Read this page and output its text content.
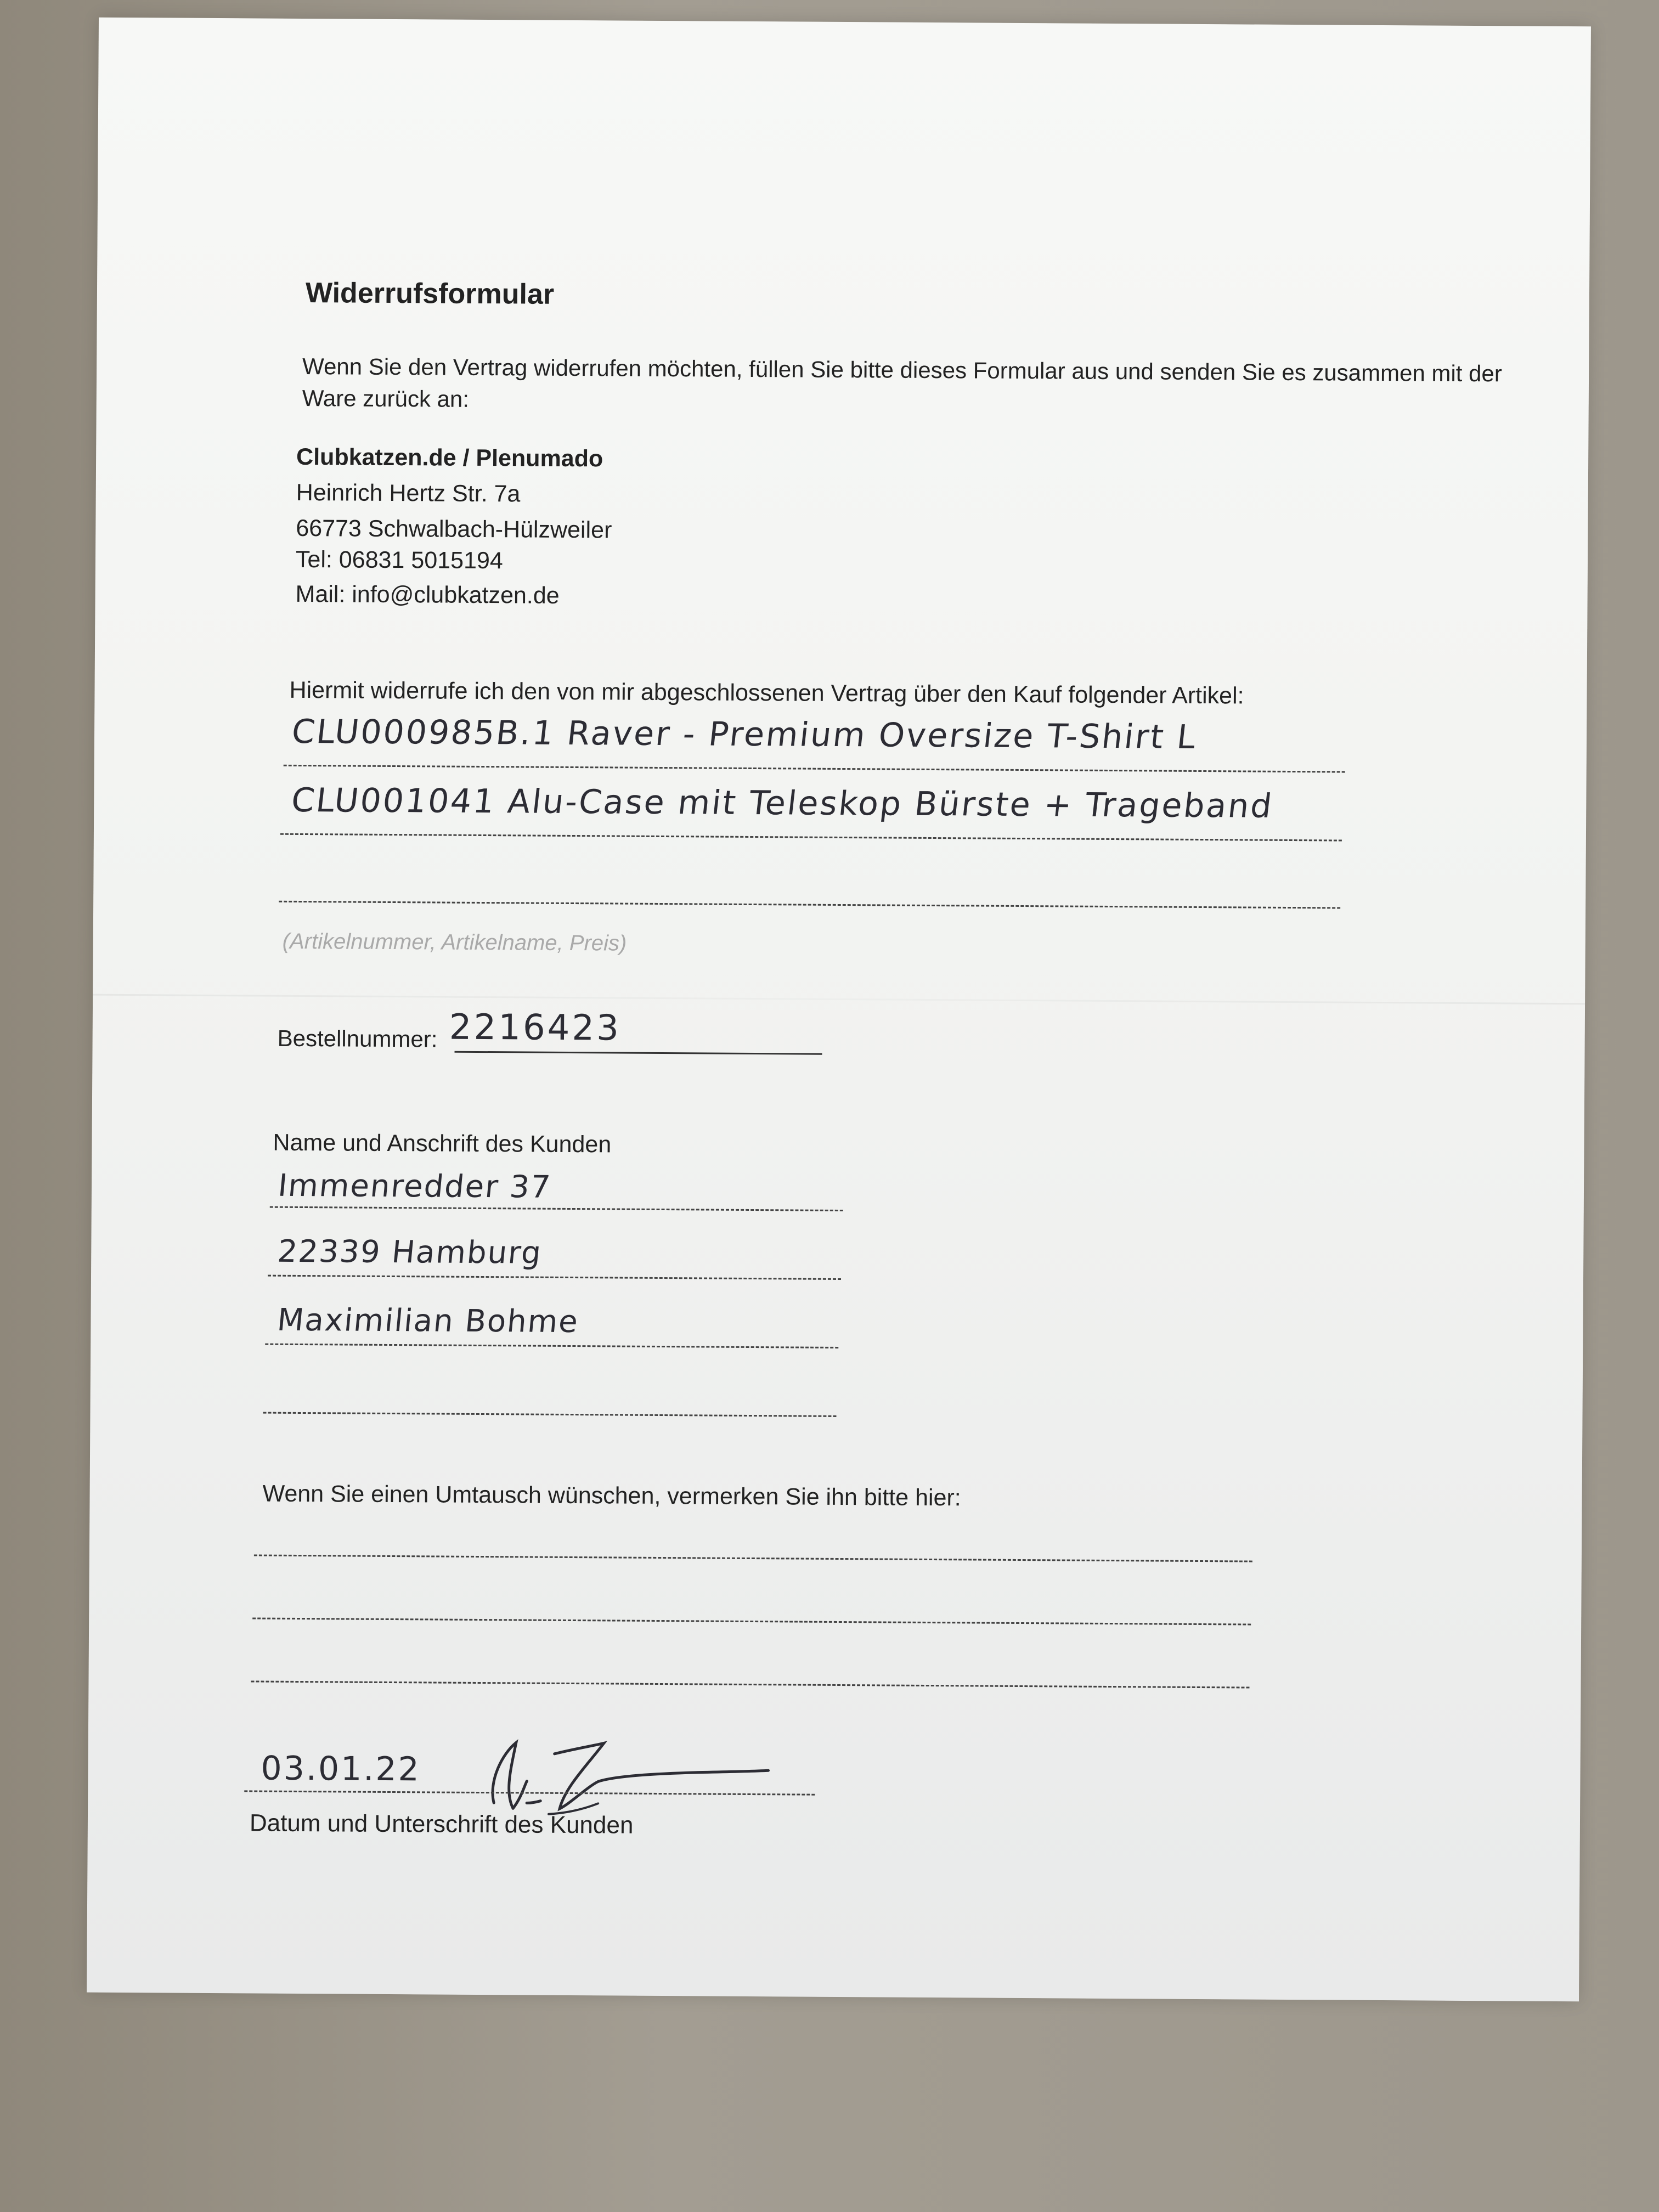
Widerrufsformular
Wenn Sie den Vertrag widerrufen möchten, füllen Sie bitte dieses Formular aus und senden Sie es zusammen mit der Ware zurück an:
Clubkatzen.de / Plenumado
Heinrich Hertz Str. 7a
66773 Schwalbach-Hülzweiler
Tel: 06831 5015194
Mail: info@clubkatzen.de
Hiermit widerrufe ich den von mir abgeschlossenen Vertrag über den Kauf folgender Artikel:
CLU000985B.1 Raver - Premium Oversize T-Shirt L
CLU001041 Alu-Case mit Teleskop Bürste + Trageband
(Artikelnummer, Artikelname, Preis)
Bestellnummer: 2216423
Name und Anschrift des Kunden
Immenredder 37
22339 Hamburg
Maximilian Bohme
Wenn Sie einen Umtausch wünschen, vermerken Sie ihn bitte hier:
03.01.22
Datum und Unterschrift des Kunden
